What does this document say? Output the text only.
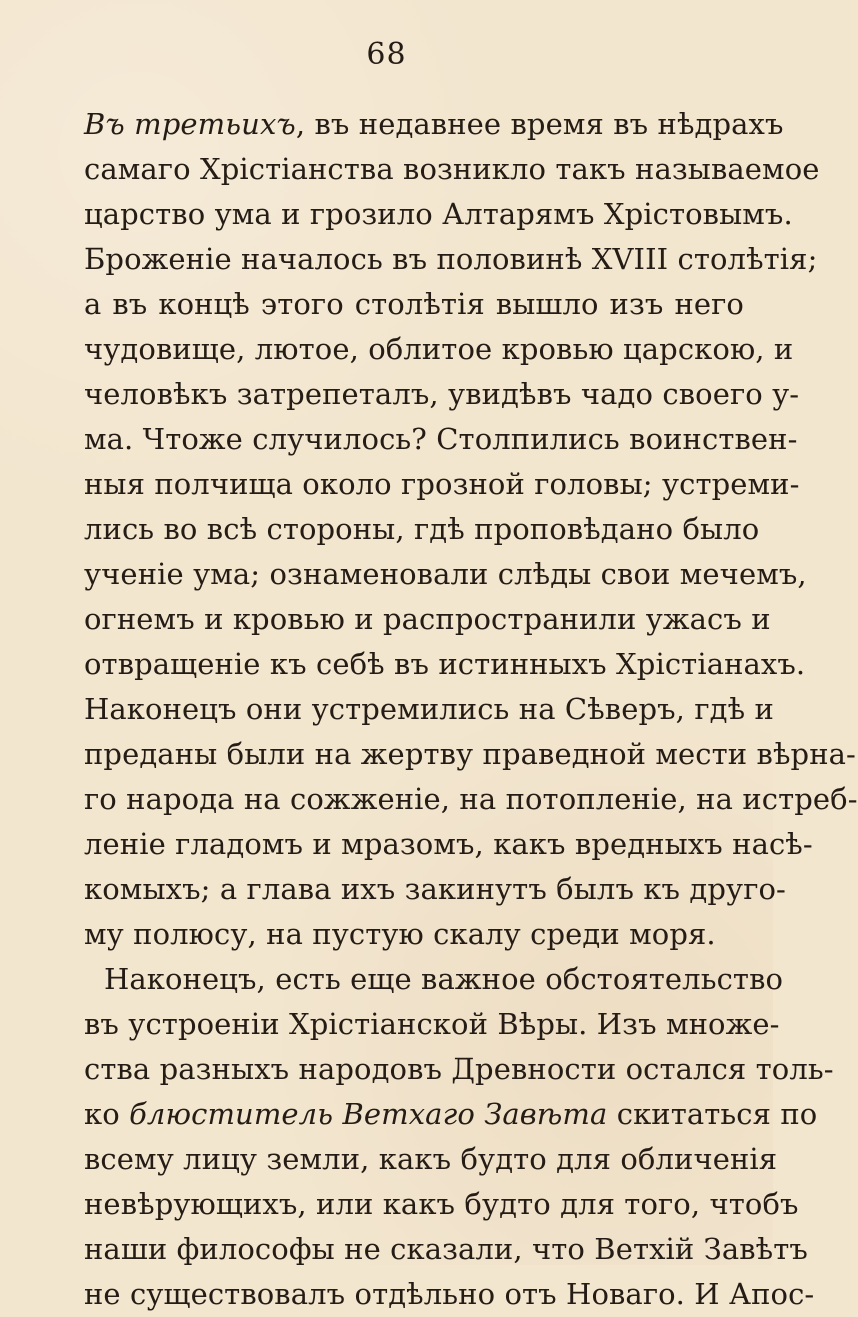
68
Въ третьихъ, въ недавнее время въ нѣдрахъ
самаго Хрістіанства возникло такъ называемое
царство ума и грозило Алтарямъ Хрістовымъ.
Броженіе началось въ половинѣ XVIII столѣтія;
а въ концѣ этого столѣтія вышло изъ него
чудовище, лютое, облитое кровью царскою, и
человѣкъ затрепеталъ, увидѣвъ чадо своего у-
ма. Чтоже случилось? Столпились воинствен-
ныя полчища около грозной головы; устреми-
лись во всѣ стороны, гдѣ проповѣдано было
ученіе ума; ознаменовали слѣды свои мечемъ,
огнемъ и кровью и распространили ужасъ и
отвращеніе къ себѣ въ истинныхъ Хрістіанахъ.
Наконецъ они устремились на Сѣверъ, гдѣ и
преданы были на жертву праведной мести вѣрна-
го народа на сожженіе, на потопленіе, на истреб-
леніе гладомъ и мразомъ, какъ вредныхъ насѣ-
комыхъ; а глава ихъ закинутъ былъ къ друго-
му полюсу, на пустую скалу среди моря.
Наконецъ, есть еще важное обстоятельство
въ устроеніи Хрістіанской Вѣры. Изъ множе-
ства разныхъ народовъ Древности остался толь-
ко блюститель Ветхаго Завѣта скитаться по
всему лицу земли, какъ будто для обличенія
невѣрующихъ, или какъ будто для того, чтобъ
наши философы не сказали, что Ветхій Завѣтъ
не существовалъ отдѣльно отъ Новаго. И Апос-
